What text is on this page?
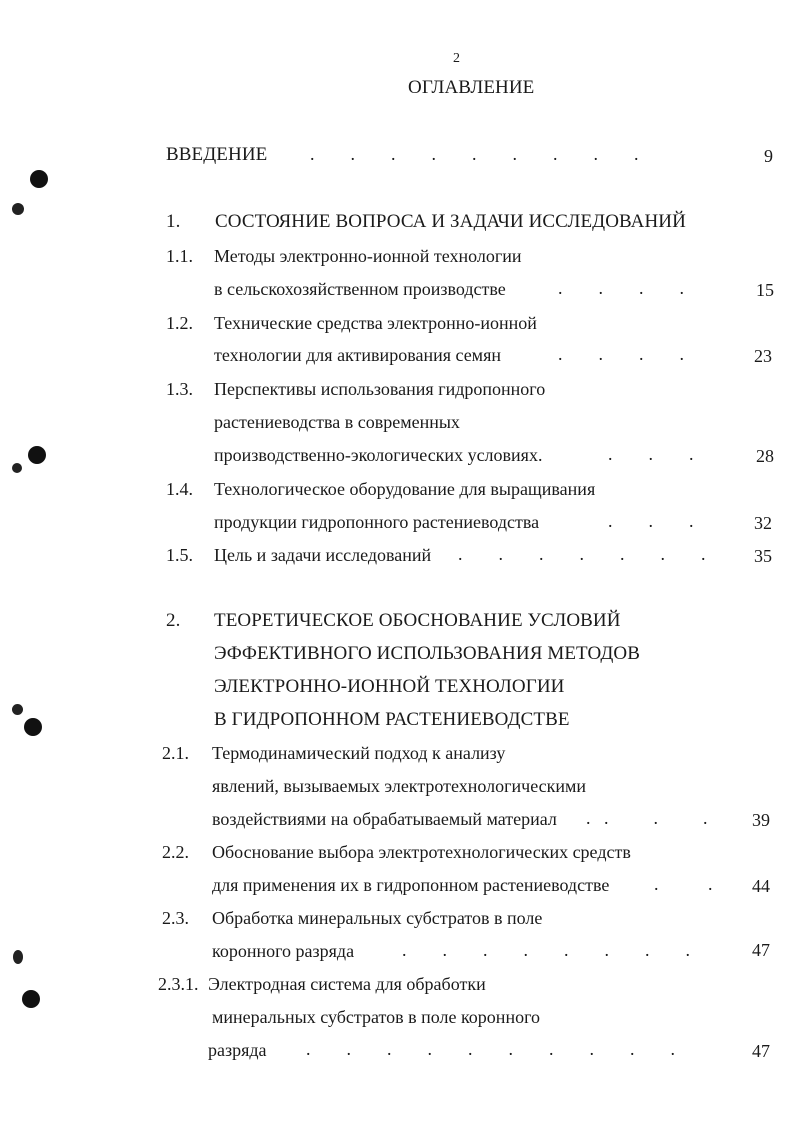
2
ОГЛАВЛЕНИЕ
ВВЕДЕНИЕ .        .        .        .        .        .        .        .        .	9
1. СОСТОЯНИЕ ВОПРОСА И ЗАДАЧИ ИССЛЕДОВАНИЙ
1.1. Методы электронно-ионной технологии
в сельскохозяйственном производстве	.        .        .        .	15
1.2. Технические средства электронно-ионной
технологии для активирования семян	.        .        .        .	23
1.3. Перспективы использования гидропонного
растениеводства в современных
производственно-экологических условиях.	.        .        .	28
1.4. Технологическое оборудование для выращивания
продукции гидропонного растениеводства	.        .        .	32
1.5. Цель и задачи исследований .        .        .        .        .        .        .	35
2. ТЕОРЕТИЧЕСКОЕ ОБОСНОВАНИЕ УСЛОВИЙ
ЭФФЕКТИВНОГО ИСПОЛЬЗОВАНИЯ МЕТОДОВ
ЭЛЕКТРОННО-ИОННОЙ ТЕХНОЛОГИИ
В ГИДРОПОННОМ РАСТЕНИЕВОДСТВЕ
2.1. Термодинамический подход к анализу
явлений, вызываемых электротехнологическими
воздействиями на обрабатываемый материал .   .          .          . 39
2.2. Обоснование выбора электротехнологических средств
для применения их в гидропонном растениеводстве .           . 44
2.3. Обработка минеральных субстратов в поле
коронного разряда	.        .        .        .        .        .        .        .	47
2.3.1. Электродная система для обработки
минеральных субстратов в поле коронного
разряда .        .        .        .        .        .        .        .        .        .	47
